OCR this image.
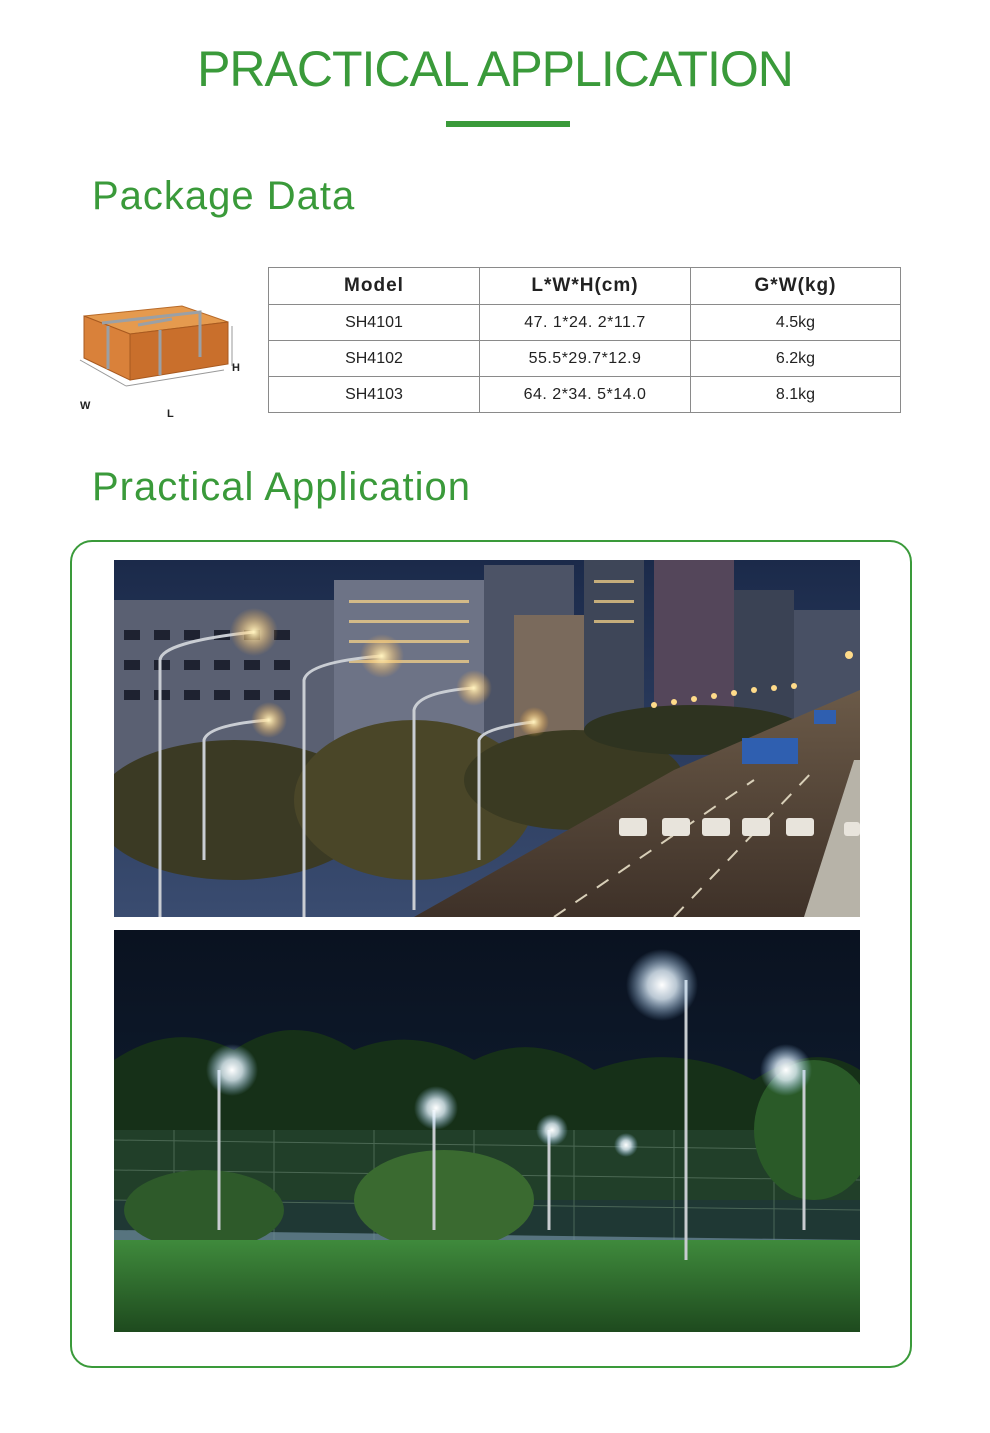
PRACTICAL APPLICATION
Package Data
W
L
H
Model	L*W*H(cm)	G*W(kg)
SH4101	47. 1*24. 2*11.7	4.5kg
SH4102	55.5*29.7*12.9	6.2kg
SH4103	64. 2*34. 5*14.0	8.1kg
Practical Application
